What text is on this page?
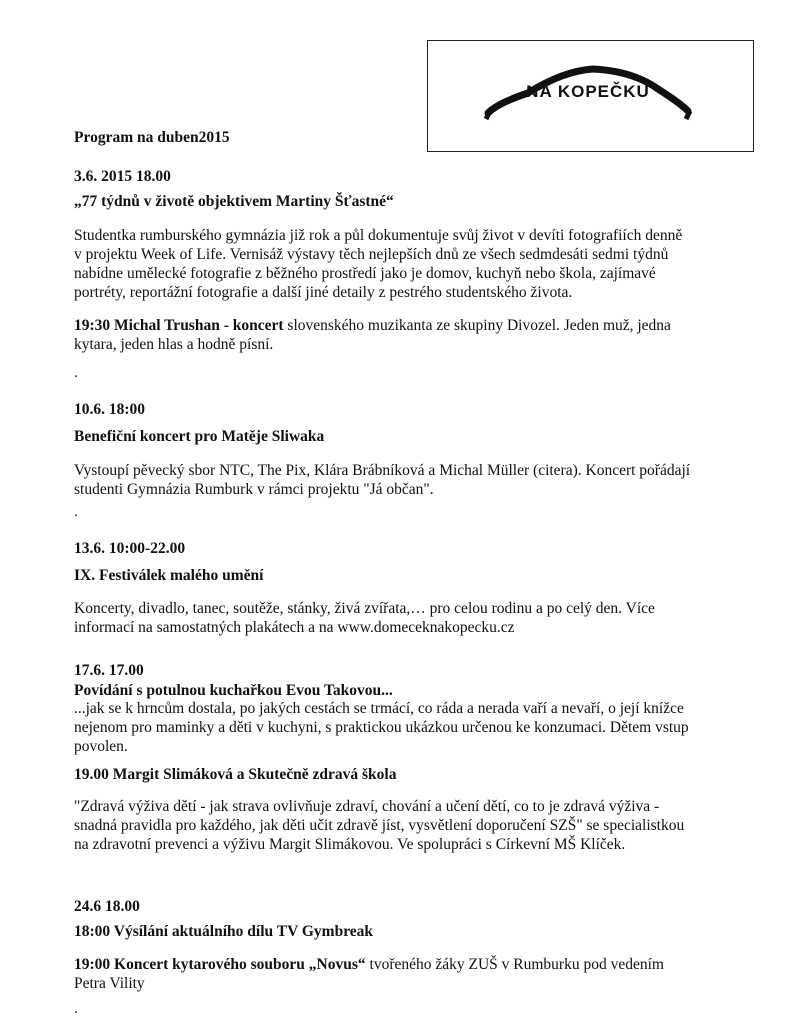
NA KOPEČKU
Program na duben2015
3.6. 2015 18.00
„77 týdnů v životě objektivem Martiny Šťastné“
Studentka rumburského gymnázia již rok a půl dokumentuje svůj život v devíti fotografiích denně
v projektu Week of Life. Vernisáž výstavy těch nejlepších dnů ze všech sedmdesáti sedmi týdnů
nabídne umělecké fotografie z běžného prostředí jako je domov, kuchyň nebo škola, zajímavé
portréty, reportážní fotografie a další jiné detaily z pestrého studentského života.
19:30 Michal Trushan - koncert slovenského muzikanta ze skupiny Divozel. Jeden muž, jedna
kytara, jeden hlas a hodně písní.
.
10.6. 18:00
Benefiční koncert pro Matěje Sliwaka
Vystoupí pěvecký sbor NTC, The Pix, Klára Brábníková a Michal Müller (citera). Koncert pořádají
studenti Gymnázia Rumburk v rámci projektu "Já občan".
.
13.6. 10:00-22.00
IX. Festiválek malého umění
Koncerty, divadlo, tanec, soutěže, stánky, živá zvířata,… pro celou rodinu a po celý den. Více
informací na samostatných plakátech a na www.domeceknakopecku.cz
17.6. 17.00
Povídání s potulnou kuchařkou Evou Takovou...
...jak se k hrncům dostala, po jakých cestách se trmácí, co ráda a nerada vaří a nevaří, o její knížce
nejenom pro maminky a děti v kuchyni, s praktickou ukázkou určenou ke konzumaci. Dětem vstup
povolen.
19.00 Margit Slimáková a Skutečně zdravá škola
"Zdravá výživa dětí - jak strava ovlivňuje zdraví, chování a učení dětí, co to je zdravá výživa -
snadná pravidla pro každého, jak děti učit zdravě jíst, vysvětlení doporučení SZŠ" se specialistkou
na zdravotní prevenci a výživu Margit Slimákovou. Ve spolupráci s Církevní MŠ Klíček.
24.6 18.00
18:00 Výsílání aktuálního dílu TV Gymbreak
19:00 Koncert kytarového souboru „Novus“ tvořeného žáky ZUŠ v Rumburku pod vedením
Petra Vility
.
